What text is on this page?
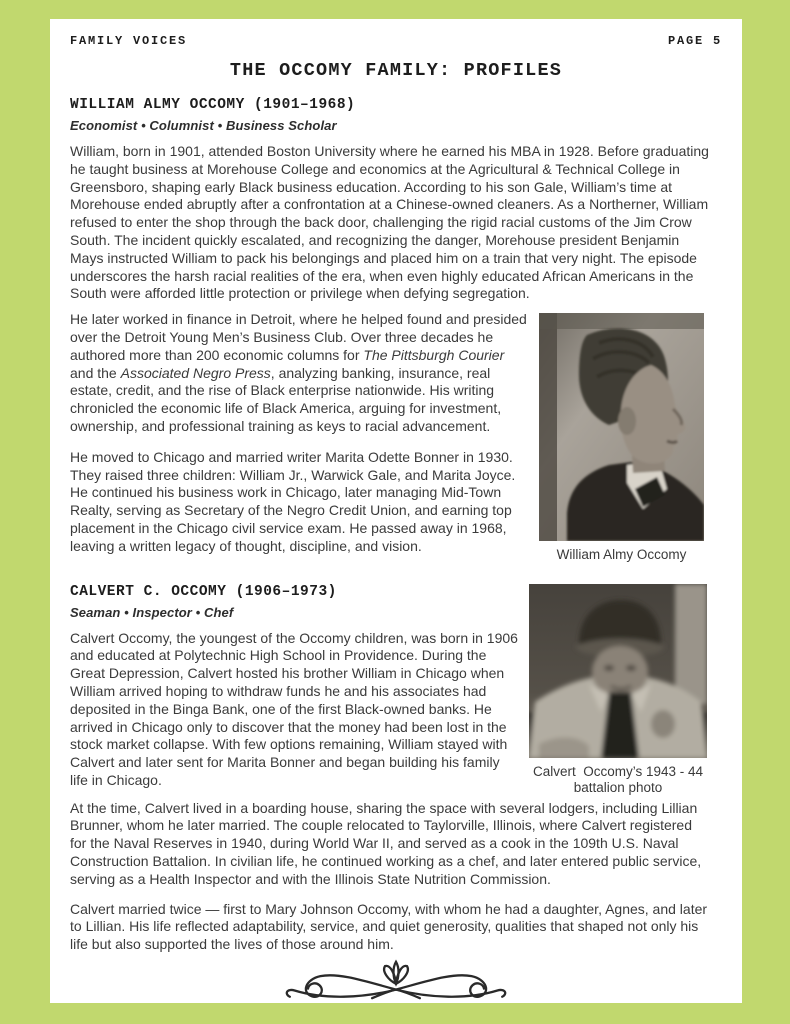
FAMILY VOICES	PAGE 5
THE OCCOMY FAMILY: PROFILES
WILLIAM ALMY OCCOMY (1901–1968)

Economist • Columnist • Business Scholar

William, born in 1901, attended Boston University where he earned his MBA in 1928. Before graduating he taught business at Morehouse College and economics at the Agricultural & Technical College in Greensboro, shaping early Black business education. According to his son Gale, William’s time at Morehouse ended abruptly after a confrontation at a Chinese-owned cleaners. As a Northerner, William refused to enter the shop through the back door, challenging the rigid racial customs of the Jim Crow South. The incident quickly escalated, and recognizing the danger, Morehouse president Benjamin Mays instructed William to pack his belongings and placed him on a train that very night. The episode underscores the harsh racial realities of the era, when even highly educated African Americans in the South were afforded little protection or privilege when defying segregation.

William Almy Occomy

He later worked in finance in Detroit, where he helped found and presided over the Detroit Young Men’s Business Club. Over three decades he authored more than 200 economic columns for The Pittsburgh Courier and the Associated Negro Press, analyzing banking, insurance, real estate, credit, and the rise of Black enterprise nationwide. His writing chronicled the economic life of Black America, arguing for investment, ownership, and professional training as keys to racial advancement.

He moved to Chicago and married writer Marita Odette Bonner in 1930. They raised three children: William Jr., Warwick Gale, and Marita Joyce. He continued his business work in Chicago, later managing Mid-Town Realty, serving as Secretary of the Negro Credit Union, and earning top placement in the Chicago civil service exam. He passed away in 1968, leaving a written legacy of thought, discipline, and vision.

Calvert  Occomy’s 1943 - 44
battalion photo
CALVERT C. OCCOMY (1906–1973)

Seaman • Inspector • Chef

Calvert Occomy, the youngest of the Occomy children, was born in 1906 and educated at Polytechnic High School in Providence. During the Great Depression, Calvert hosted his brother William in Chicago when William arrived hoping to withdraw funds he and his associates had deposited in the Binga Bank, one of the first Black-owned banks. He arrived in Chicago only to discover that the money had been lost in the stock market collapse. With few options remaining, William stayed with Calvert and later sent for Marita Bonner and began building his family life in Chicago.

At the time, Calvert lived in a boarding house, sharing the space with several lodgers, including Lillian Brunner, whom he later married. The couple relocated to Taylorville, Illinois, where Calvert registered for the Naval Reserves in 1940, during World War II, and served as a cook in the 109th U.S. Naval Construction Battalion. In civilian life, he continued working as a chef, and later entered public service, serving as a Health Inspector and with the Illinois State Nutrition Commission.

Calvert married twice — first to Mary Johnson Occomy, with whom he had a daughter, Agnes, and later to Lillian. His life reflected adaptability, service, and quiet generosity, qualities that shaped not only his life but also supported the lives of those around him.
